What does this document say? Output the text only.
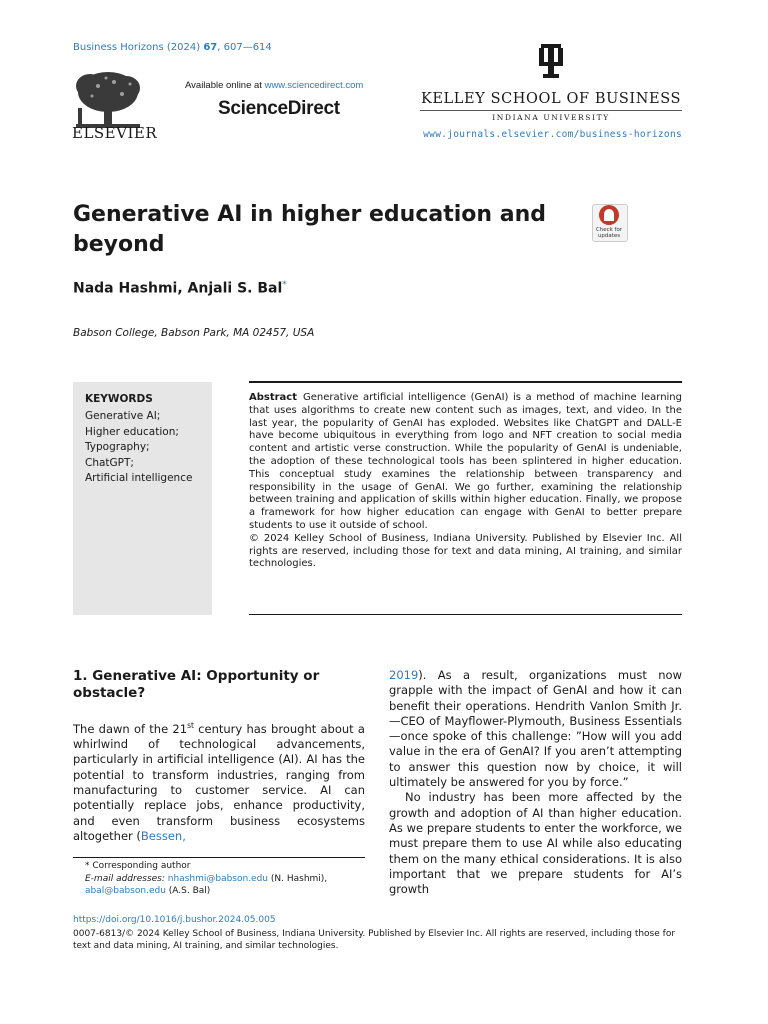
Business Horizons (2024) 67, 607—614
ELSEVIER
Available online at www.sciencedirect.com
ScienceDirect	KELLEY SCHOOL OF BUSINESS
INDIANA UNIVERSITY
www.journals.elsevier.com/business-horizons
Generative AI in higher education and beyond
Check for updates
Nada Hashmi, Anjali S. Bal*
Babson College, Babson Park, MA 02457, USA
KEYWORDS
Generative AI;
Higher education;
Typography;
ChatGPT;
Artificial intelligence
Abstract Generative artificial intelligence (GenAI) is a method of machine learning that uses algorithms to create new content such as images, text, and video. In the last year, the popularity of GenAI has exploded. Websites like ChatGPT and DALL-E have become ubiquitous in everything from logo and NFT creation to social media content and artistic verse construction. While the popularity of GenAI is undeniable, the adoption of these technological tools has been splintered in higher education. This conceptual study examines the relationship between transparency and responsibility in the usage of GenAI. We go further, examining the relationship between training and application of skills within higher education. Finally, we propose a framework for how higher education can engage with GenAI to better prepare students to use it outside of school.
© 2024 Kelley School of Business, Indiana University. Published by Elsevier Inc. All rights are reserved, including those for text and data mining, AI training, and similar technologies.
1. Generative AI: Opportunity or obstacle?
The dawn of the 21st century has brought about a whirlwind of technological advancements, particularly in artificial intelligence (AI). AI has the potential to transform industries, ranging from manufacturing to customer service. AI can potentially replace jobs, enhance productivity, and even transform business ecosystems altogether (Bessen,
* Corresponding author
E-mail addresses: nhashmi@babson.edu (N. Hashmi), abal@babson.edu (A.S. Bal)

2019). As a result, organizations must now grapple with the impact of GenAI and how it can benefit their operations. Hendrith Vanlon Smith Jr.—CEO of Mayflower-Plymouth, Business Essentials—once spoke of this challenge: ”How will you add value in the era of GenAI? If you aren’t attempting to answer this question now by choice, it will ultimately be answered for you by force.”

No industry has been more affected by the growth and adoption of AI than higher education. As we prepare students to enter the workforce, we must prepare them to use AI while also educating them on the many ethical considerations. It is also important that we prepare students for AI’s growth

https://doi.org/10.1016/j.bushor.2024.05.005
0007-6813/© 2024 Kelley School of Business, Indiana University. Published by Elsevier Inc. All rights are reserved, including those for text and data mining, AI training, and similar technologies.
